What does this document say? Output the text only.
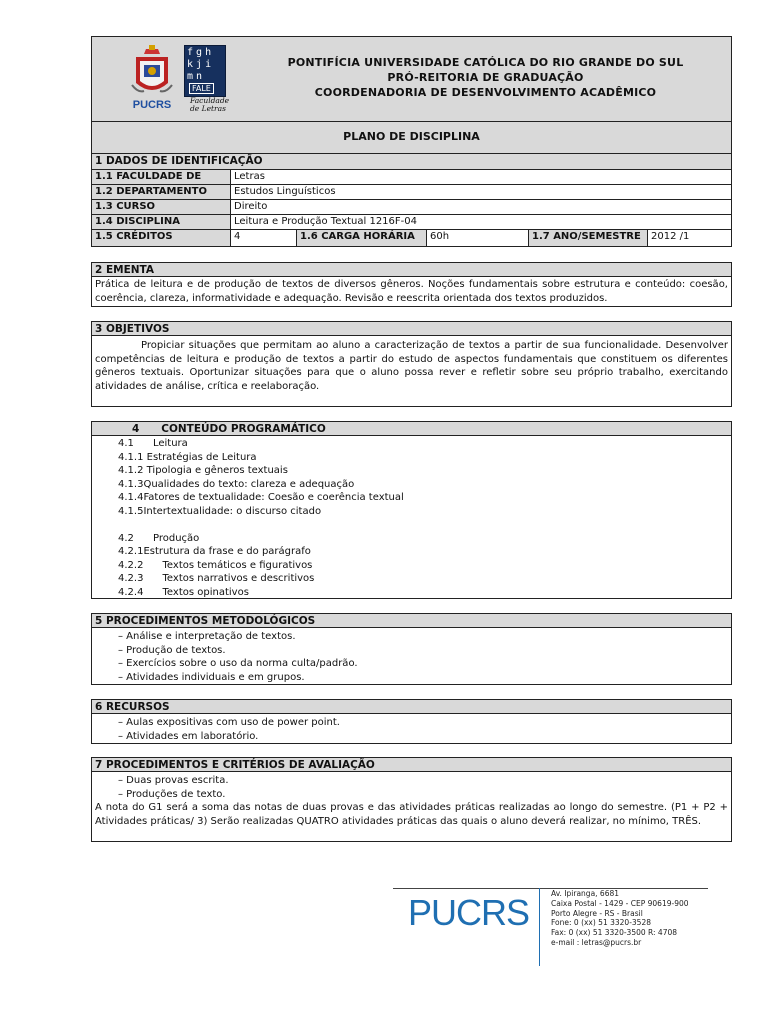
PUCRS
fgh
kji
mn
FALE
Faculdade
de Letras
PONTIFÍCIA UNIVERSIDADE CATÓLICA DO RIO GRANDE DO SUL
PRÓ-REITORIA DE GRADUAÇÃO
COORDENADORIA DE DESENVOLVIMENTO ACADÊMICO
PLANO DE DISCIPLINA
1 DADOS DE IDENTIFICAÇÃO
1.1 FACULDADE DE	Letras
1.2 DEPARTAMENTO	Estudos Linguísticos
1.3 CURSO	Direito
1.4 DISCIPLINA	Leitura e Produção Textual 1216F-04
1.5 CRÉDITOS	4	1.6 CARGA HORÁRIA	60h	1.7 ANO/SEMESTRE	2012 /1
2 EMENTA
Prática de leitura e de produção de textos de diversos gêneros. Noções fundamentais sobre estrutura e conteúdo: coesão, coerência, clareza, informatividade e adequação. Revisão e reescrita orientada dos textos produzidos.
3 OBJETIVOS
Propiciar situações que permitam ao aluno a caracterização de textos a partir de sua funcionalidade. Desenvolver competências de leitura e produção de textos a partir do estudo de aspectos fundamentais que constituem os diferentes gêneros textuais. Oportunizar situações para que o aluno possa rever e refletir sobre seu próprio trabalho, exercitando atividades de análise, crítica e reelaboração.
4      CONTEÚDO PROGRAMÁTICO
4.1      Leitura
4.1.1 Estratégias de Leitura
4.1.2 Tipologia e gêneros textuais
4.1.3Qualidades do texto: clareza e adequação
4.1.4Fatores de textualidade: Coesão e coerência textual
4.1.5Intertextualidade: o discurso citado
4.2      Produção
4.2.1Estrutura da frase e do parágrafo
4.2.2      Textos temáticos e figurativos
4.2.3      Textos narrativos e descritivos
4.2.4      Textos opinativos
5 PROCEDIMENTOS METODOLÓGICOS
– Análise e interpretação de textos.
– Produção de textos.
– Exercícios sobre o uso da norma culta/padrão.
– Atividades individuais e em grupos.
6 RECURSOS
– Aulas expositivas com uso de power point.
– Atividades em laboratório.
7 PROCEDIMENTOS E CRITÉRIOS DE AVALIAÇÃO
– Duas provas escrita.
– Produções de texto.
A nota do G1 será a soma das notas de duas provas e das atividades práticas realizadas ao longo do semestre. (P1 + P2 + Atividades práticas/ 3) Serão realizadas QUATRO atividades práticas das quais o aluno deverá realizar, no mínimo, TRÊS.
PUCRS	Av. Ipiranga, 6681
Caixa Postal - 1429 - CEP 90619-900
Porto Alegre - RS - Brasil
Fone: 0 (xx) 51 3320-3528
Fax: 0 (xx) 51 3320-3500 R: 4708
e-mail : letras@pucrs.br
